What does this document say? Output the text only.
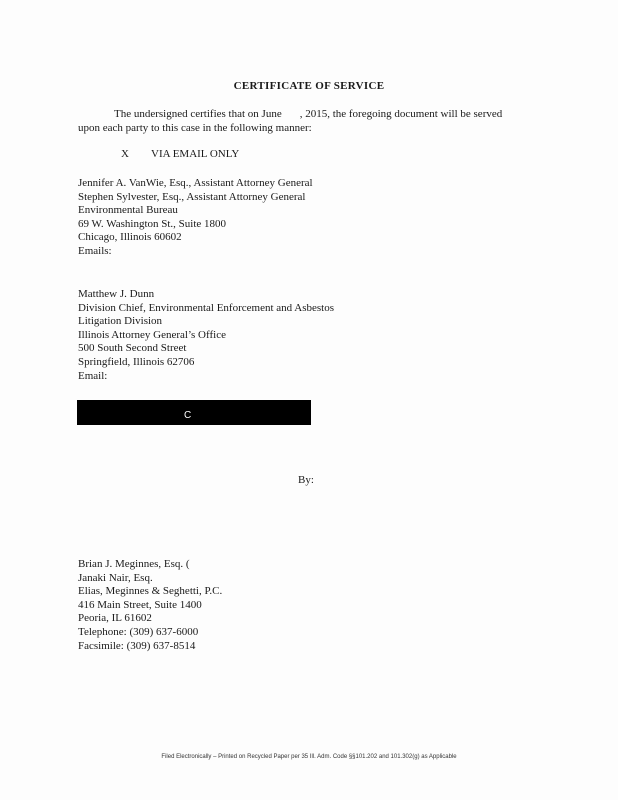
CERTIFICATE OF SERVICE
The undersigned certifies that on June , 2015, the foregoing document will be served
upon each party to this case in the following manner:
X VIA EMAIL ONLY
Jennifer A. VanWie, Esq., Assistant Attorney General
Stephen Sylvester, Esq., Assistant Attorney General
Environmental Bureau
69 W. Washington St., Suite 1800
Chicago, Illinois 60602
Emails:
Matthew J. Dunn
Division Chief, Environmental Enforcement and Asbestos
Litigation Division
Illinois Attorney General’s Office
500 South Second Street
Springfield, Illinois 62706
Email:
C
By:
Brian J. Meginnes, Esq. (
Janaki Nair, Esq.
Elias, Meginnes & Seghetti, P.C.
416 Main Street, Suite 1400
Peoria, IL 61602
Telephone: (309) 637-6000
Facsimile: (309) 637-8514
Filed Electronically – Printed on Recycled Paper per 35 Ill. Adm. Code §§101.202 and 101.302(g) as Applicable
